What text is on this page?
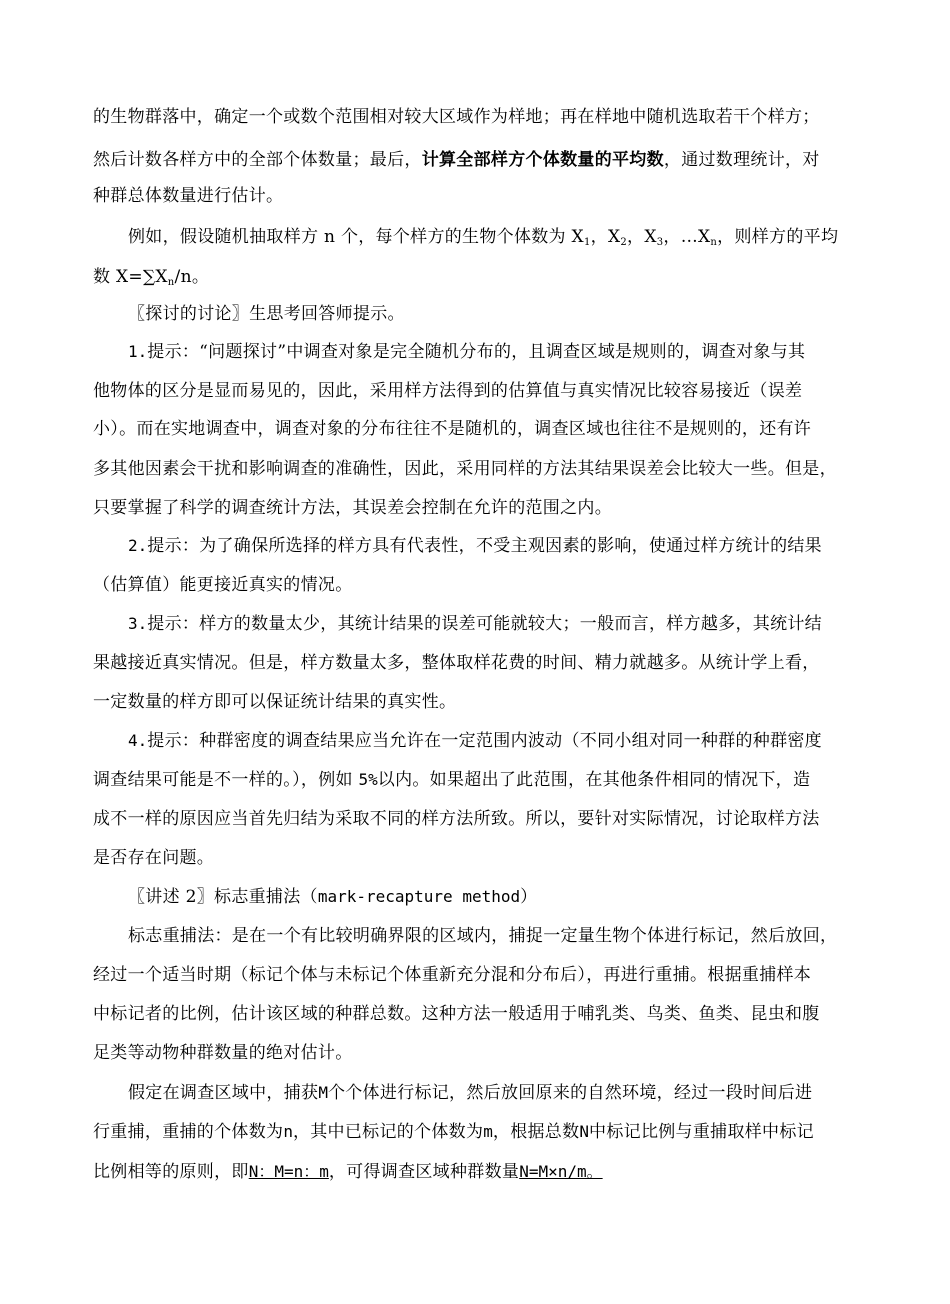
的生物群落中，确定一个或数个范围相对较大区域作为样地；再在样地中随机选取若干个样方；
然后计数各样方中的全部个体数量；最后，计算全部样方个体数量的平均数，通过数理统计，对
种群总体数量进行估计。
例如，假设随机抽取样方 n 个，每个样方的生物个体数为 $X_1$，$X_2$，$X_3$，$\dots X_n$，则样方的平均
数 $X=\sum X_n/n$。
〖探讨的讨论〗生思考回答师提示。
1.提示：“问题探讨”中调查对象是完全随机分布的，且调查区域是规则的，调查对象与其
他物体的区分是显而易见的，因此，采用样方法得到的估算值与真实情况比较容易接近（误差
小）。而在实地调查中，调查对象的分布往往不是随机的，调查区域也往往不是规则的，还有许
多其他因素会干扰和影响调查的准确性，因此，采用同样的方法其结果误差会比较大一些。但是，
只要掌握了科学的调查统计方法，其误差会控制在允许的范围之内。
2.提示：为了确保所选择的样方具有代表性，不受主观因素的影响，使通过样方统计的结果
（估算值）能更接近真实的情况。
3.提示：样方的数量太少，其统计结果的误差可能就较大；一般而言，样方越多，其统计结
果越接近真实情况。但是，样方数量太多，整体取样花费的时间、精力就越多。从统计学上看，
一定数量的样方即可以保证统计结果的真实性。
4.提示：种群密度的调查结果应当允许在一定范围内波动（不同小组对同一种群的种群密度
调查结果可能是不一样的。），例如 5%以内。如果超出了此范围，在其他条件相同的情况下，造
成不一样的原因应当首先归结为采取不同的样方法所致。所以，要针对实际情况，讨论取样方法
是否存在问题。
〖讲述 2〗标志重捕法（mark-recapture method）
标志重捕法：是在一个有比较明确界限的区域内，捕捉一定量生物个体进行标记，然后放回，
经过一个适当时期（标记个体与未标记个体重新充分混和分布后），再进行重捕。根据重捕样本
中标记者的比例，估计该区域的种群总数。这种方法一般适用于哺乳类、鸟类、鱼类、昆虫和腹
足类等动物种群数量的绝对估计。
假定在调查区域中，捕获M个个体进行标记，然后放回原来的自然环境，经过一段时间后进
行重捕，重捕的个体数为n，其中已标记的个体数为m，根据总数N中标记比例与重捕取样中标记
比例相等的原则，即N：M=n：m，可得调查区域种群数量N=M×n/m。
